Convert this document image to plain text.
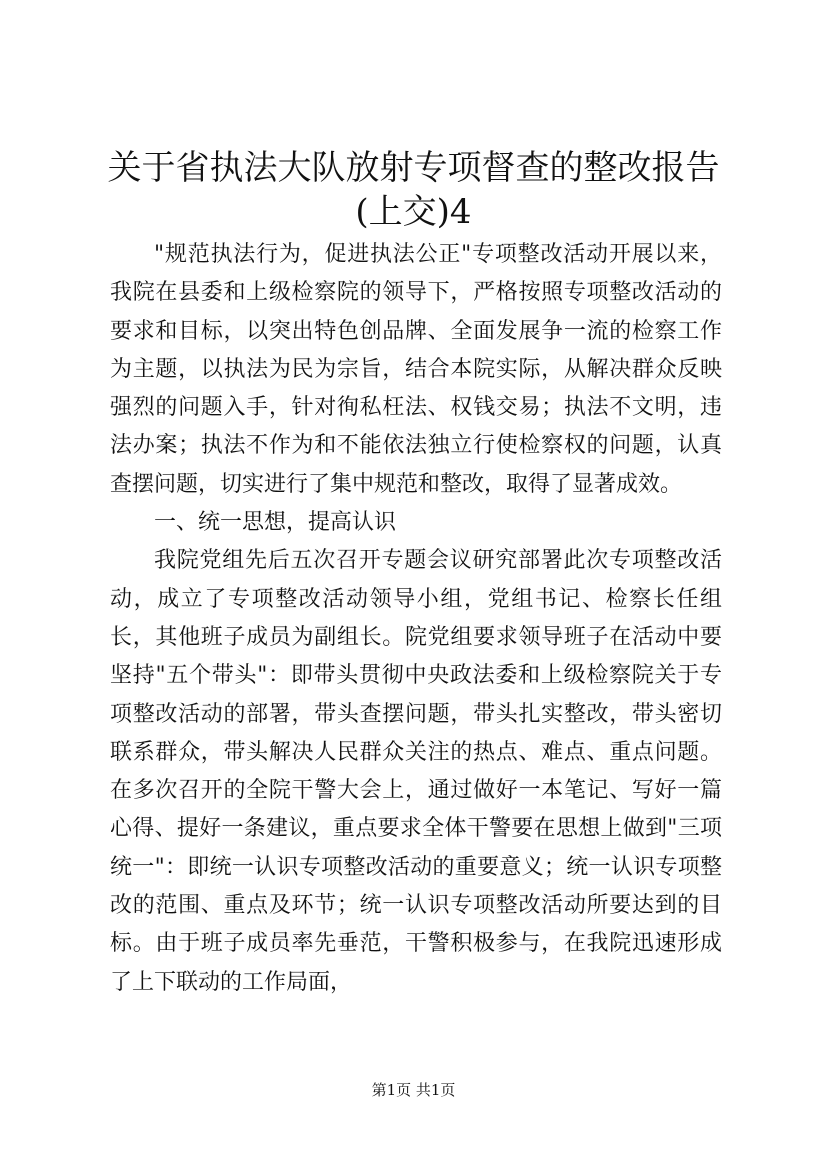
关于省执法大队放射专项督查的整改报告(上交)4

"规范执法行为，促进执法公正"专项整改活动开展以来，我院在县委和上级检察院的领导下，严格按照专项整改活动的要求和目标，以突出特色创品牌、全面发展争一流的检察工作为主题，以执法为民为宗旨，结合本院实际，从解决群众反映强烈的问题入手，针对徇私枉法、权钱交易；执法不文明，违法办案；执法不作为和不能依法独立行使检察权的问题，认真查摆问题，切实进行了集中规范和整改，取得了显著成效。

一、统一思想，提高认识

我院党组先后五次召开专题会议研究部署此次专项整改活动，成立了专项整改活动领导小组，党组书记、检察长任组长，其他班子成员为副组长。院党组要求领导班子在活动中要坚持"五个带头"：即带头贯彻中央政法委和上级检察院关于专项整改活动的部署，带头查摆问题，带头扎实整改，带头密切联系群众，带头解决人民群众关注的热点、难点、重点问题。在多次召开的全院干警大会上，通过做好一本笔记、写好一篇心得、提好一条建议，重点要求全体干警要在思想上做到"三项统一"：即统一认识专项整改活动的重要意义；统一认识专项整改的范围、重点及环节；统一认识专项整改活动所要达到的目标。由于班子成员率先垂范，干警积极参与，在我院迅速形成了上下联动的工作局面，

第1页 共1页
